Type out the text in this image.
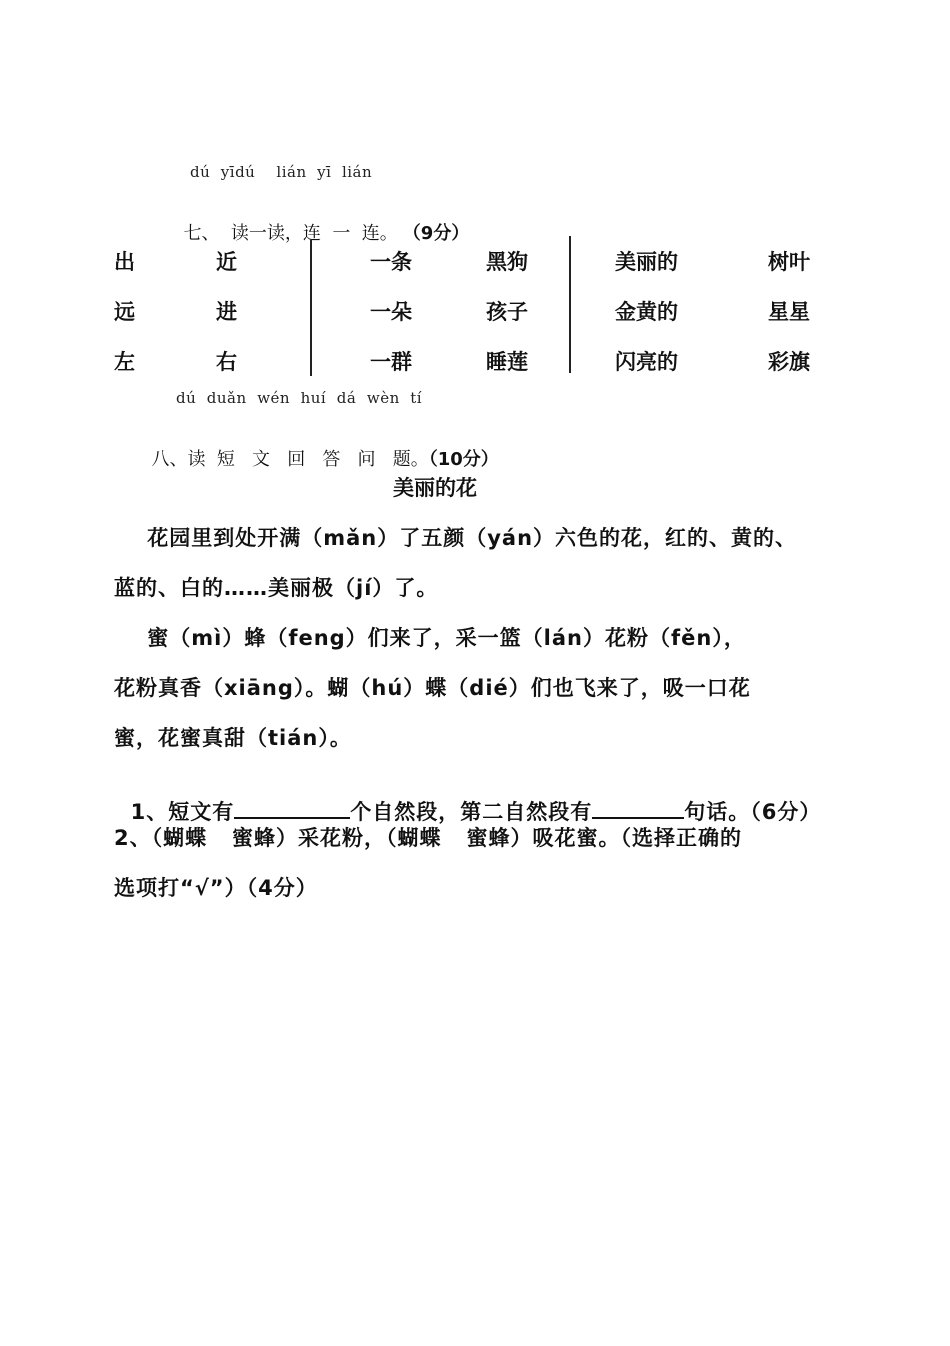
dú  yīdú    lián  yī  lián

七、  读一读，连  一  连。 （9分）

出	近
远	进
左	右
一条	黑狗
一朵	孩子
一群	睡莲
美丽的	树叶
金黄的	星星
闪亮的	彩旗
dú  duǎn  wén  huí  dá  wèn  tí

八、读  短   文   回   答   问   题。（10分）

美丽的花
花园里到处开满（mǎn）了五颜（yán）六色的花，红的、黄的、
蓝的、白的……美丽极（jí）了。
蜜（mì）蜂（feng）们来了，采一篮（lán）花粉（fěn），
花粉真香（xiāng）。蝴（hú）蝶（dié）们也飞来了，吸一口花
蜜，花蜜真甜（tián）。

1、短文有	个自然段，第二自然段有	句话。（6分）

2、（蝴蝶   蜜蜂）采花粉，（蝴蝶   蜜蜂）吸花蜜。（选择正确的
选项打“√”）（4分）
